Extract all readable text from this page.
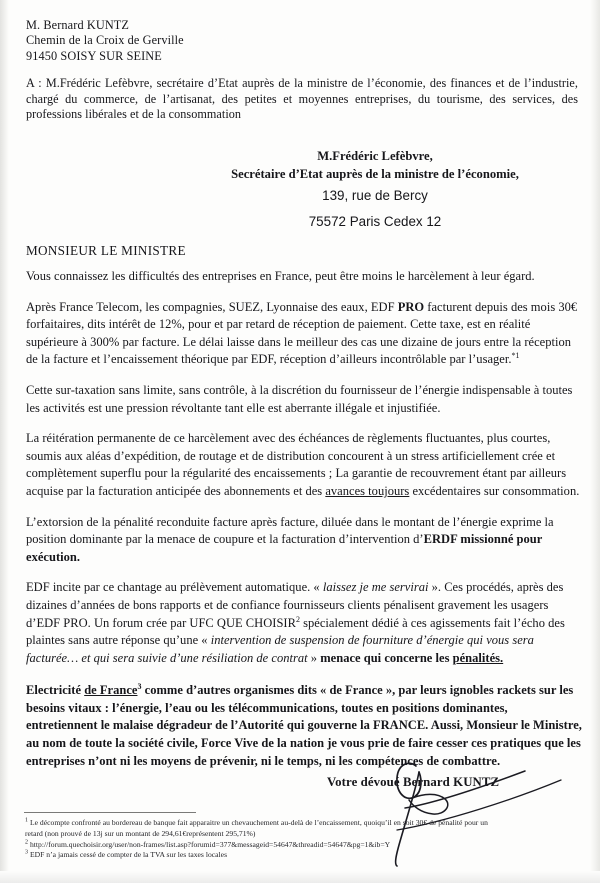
M. Bernard KUNTZ
Chemin de la Croix de Gerville
91450 SOISY SUR SEINE
A : M.Frédéric Lefèbvre, secrétaire d’Etat auprès de la ministre de l’économie, des finances et de l’industrie, chargé du commerce, de l’artisanat, des petites et moyennes entreprises, du tourisme, des services, des professions libérales et de la consommation
M.Frédéric Lefèbvre,
Secrétaire d’Etat auprès de la ministre de l’économie,
139, rue de Bercy
75572 Paris Cedex 12
MONSIEUR LE MINISTRE

Vous connaissez les difficultés des entreprises en France, peut être moins le harcèlement à leur égard.

Après France Telecom, les compagnies, SUEZ, Lyonnaise des eaux, EDF PRO facturent depuis des mois 30€ forfaitaires, dits intérêt de 12%, pour et par retard de réception de paiement. Cette taxe, est en réalité supérieure à 300% par facture. Le délai laisse dans le meilleur des cas une dizaine de jours entre la réception de la facture et l’encaissement théorique par EDF, réception d’ailleurs incontrôlable par l’usager.$^{*1}$

Cette sur-taxation sans limite, sans contrôle, à la discrétion du fournisseur de l’énergie indispensable à toutes les activités est une pression révoltante tant elle est aberrante illégale et injustifiée.

La réitération permanente de ce harcèlement avec des échéances de règlements fluctuantes, plus courtes, soumis aux aléas d’expédition, de routage et de distribution concourent à un stress artificiellement crée et complètement superflu pour la régularité des encaissements ; La garantie de recouvrement étant par ailleurs acquise par la facturation anticipée des abonnements et des avances toujours excédentaires sur consommation.

L’extorsion de la pénalité reconduite facture après facture, diluée dans le montant de l’énergie exprime la position dominante par la menace de coupure et la facturation d’intervention d’ERDF missionné pour exécution.

EDF incite par ce chantage au prélèvement automatique. « laissez je me servirai ». Ces procédés, après des dizaines d’années de bons rapports et de confiance fournisseurs clients pénalisent gravement les usagers d’EDF PRO. Un forum crée par UFC QUE CHOISIR$^2$ spécialement dédié à ces agissements fait l’écho des plaintes sans autre réponse qu’une « intervention de suspension de fourniture d’énergie qui vous sera facturée… et qui sera suivie d’une résiliation de contrat » menace qui concerne les pénalités.

Electricité de France$^3$ comme d’autres organismes dits « de France », par leurs ignobles rackets sur les besoins vitaux : l’énergie, l’eau ou les télécommunications, toutes en positions dominantes, entretiennent le malaise dégradeur de l’Autorité qui gouverne la FRANCE. Aussi, Monsieur le Ministre, au nom de toute la société civile, Force Vive de la nation je vous prie de faire cesser ces pratiques que les entreprises n’ont ni les moyens de prévenir, ni le temps, ni les compétences de combattre.

Votre dévoué Bernard KUNTZ
$^1$ Le décompte confronté au bordereau de banque fait apparaitre un chevauchement au-delà de l’encaissement, quoiqu’il en soit 30€ de pénalité pour un
retard (non prouvé de 13j sur un montant de 294,61€représentent 295,71%)
$^2$ http://forum.quechoisir.org/user/non-frames/list.asp?forumid=377&messageid=54647&threadid=54647&pg=1&ib=Y
$^3$ EDF n’a jamais cessé de compter de la TVA sur les taxes locales
